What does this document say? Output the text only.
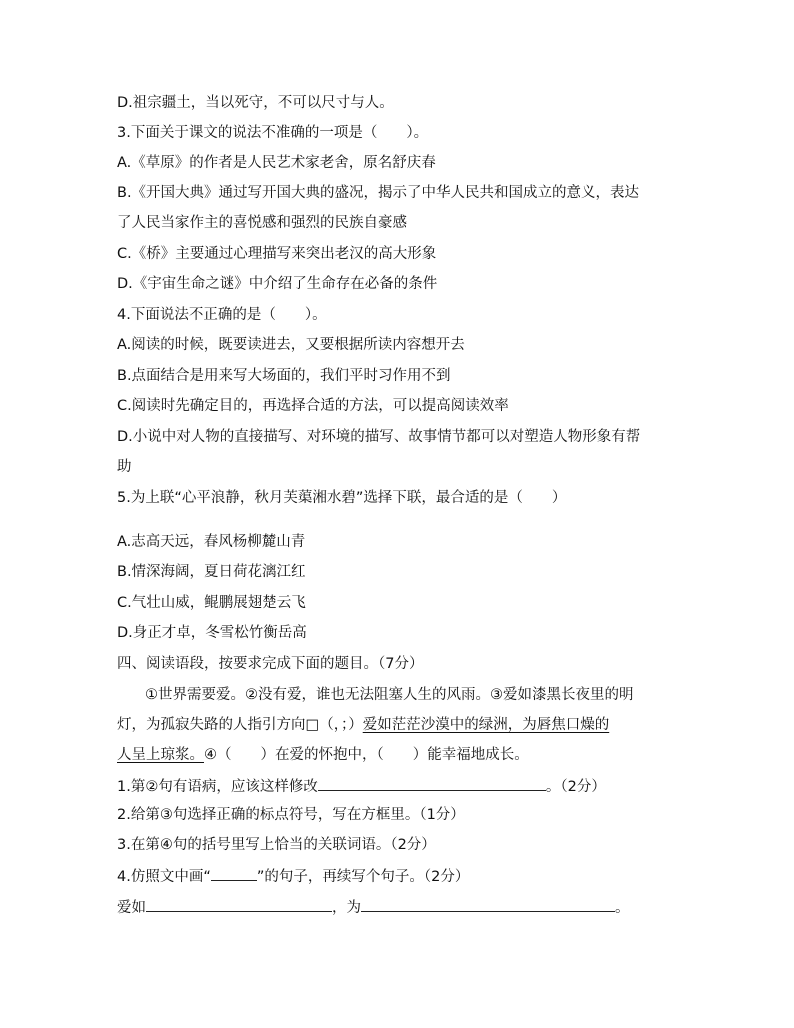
D.祖宗疆土，当以死守，不可以尺寸与人。
3.下面关于课文的说法不准确的一项是（　　）。
A.《草原》的作者是人民艺术家老舍，原名舒庆春
B.《开国大典》通过写开国大典的盛况，揭示了中华人民共和国成立的意义，表达
了人民当家作主的喜悦感和强烈的民族自豪感
C.《桥》主要通过心理描写来突出老汉的高大形象
D.《宇宙生命之谜》中介绍了生命存在必备的条件
4.下面说法不正确的是（　　）。
A.阅读的时候，既要读进去，又要根据所读内容想开去
B.点面结合是用来写大场面的，我们平时习作用不到
C.阅读时先确定目的，再选择合适的方法，可以提高阅读效率
D.小说中对人物的直接描写、对环境的描写、故事情节都可以对塑造人物形象有帮
助
5.为上联“心平浪静，秋月芙蕖湘水碧”选择下联，最合适的是（　　）
A.志高天远，春风杨柳麓山青
B.情深海阔，夏日荷花漓江红
C.气壮山威，鲲鹏展翅楚云飞
D.身正才卓，冬雪松竹衡岳高
四、阅读语段，按要求完成下面的题目。（7分）
①世界需要爱。②没有爱，谁也无法阻塞人生的风雨。③爱如漆黑长夜里的明
灯，为孤寂失路的人指引方向□（，；）爱如茫茫沙漠中的绿洲，为唇焦口燥的
人呈上琼浆。④（　　）在爱的怀抱中，（　　）能幸福地成长。
1.第②句有语病，应该这样修改	。（2分）
2.给第③句选择正确的标点符号，写在方框里。（1分）
3.在第④句的括号里写上恰当的关联词语。（2分）
4.仿照文中画“	”的句子，再续写个句子。（2分）
爱如	，为	。
